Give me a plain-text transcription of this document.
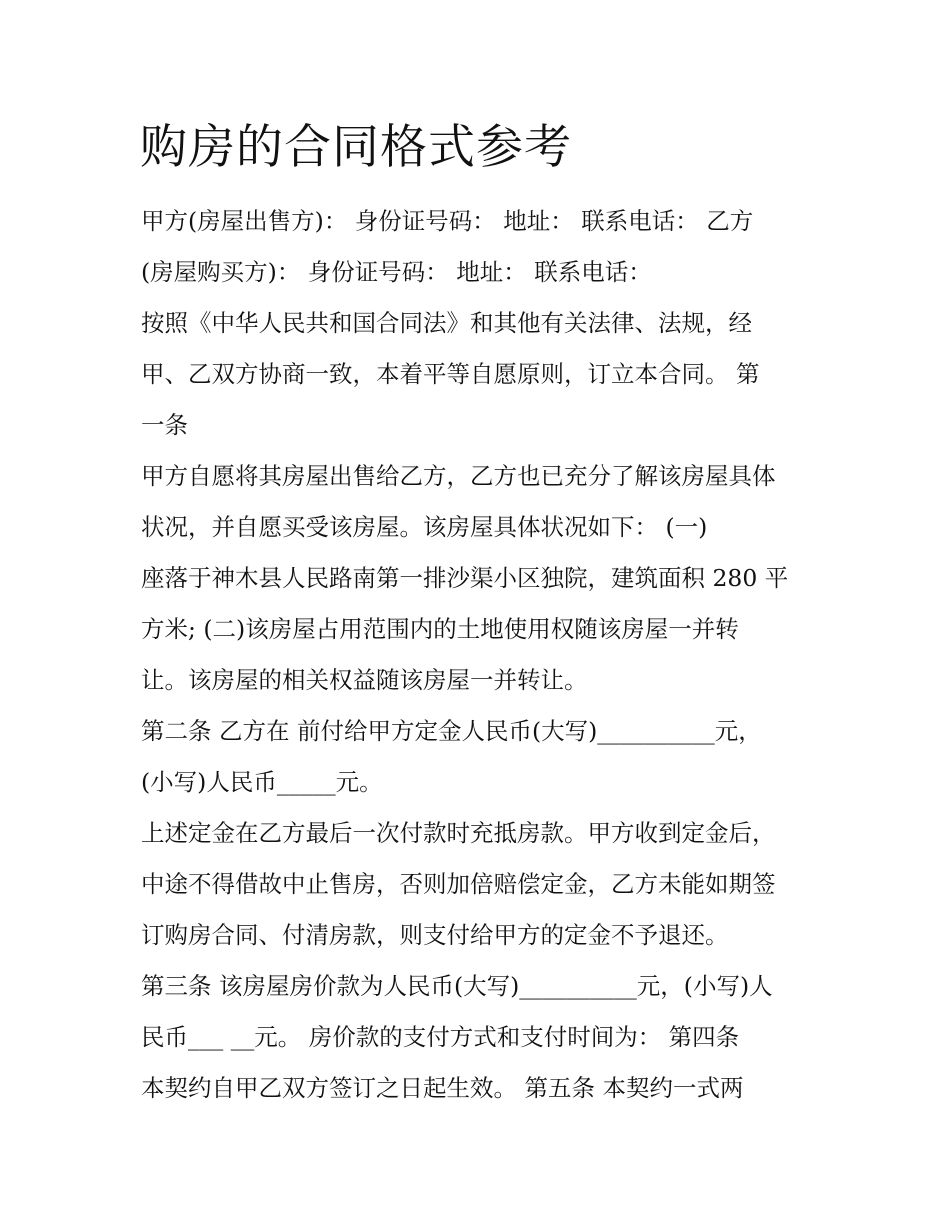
购房的合同格式参考

甲方(房屋出售方)： 身份证号码： 地址： 联系电话： 乙方

(房屋购买方)： 身份证号码： 地址： 联系电话：

按照《中华人民共和国合同法》和其他有关法律、法规，经

甲、乙双方协商一致，本着平等自愿原则，订立本合同。 第

一条

甲方自愿将其房屋出售给乙方，乙方也已充分了解该房屋具体

状况，并自愿买受该房屋。该房屋具体状况如下： (一)

座落于神木县人民路南第一排沙渠小区独院，建筑面积 280 平

方米; (二)该房屋占用范围内的土地使用权随该房屋一并转

让。该房屋的相关权益随该房屋一并转让。

第二条 乙方在 前付给甲方定金人民币(大写)__________元，

(小写)人民币_____元。

上述定金在乙方最后一次付款时充抵房款。甲方收到定金后，

中途不得借故中止售房，否则加倍赔偿定金，乙方未能如期签

订购房合同、付清房款，则支付给甲方的定金不予退还。

第三条 该房屋房价款为人民币(大写)__________元，(小写)人

民币___ __元。 房价款的支付方式和支付时间为： 第四条

本契约自甲乙双方签订之日起生效。 第五条 本契约一式两
